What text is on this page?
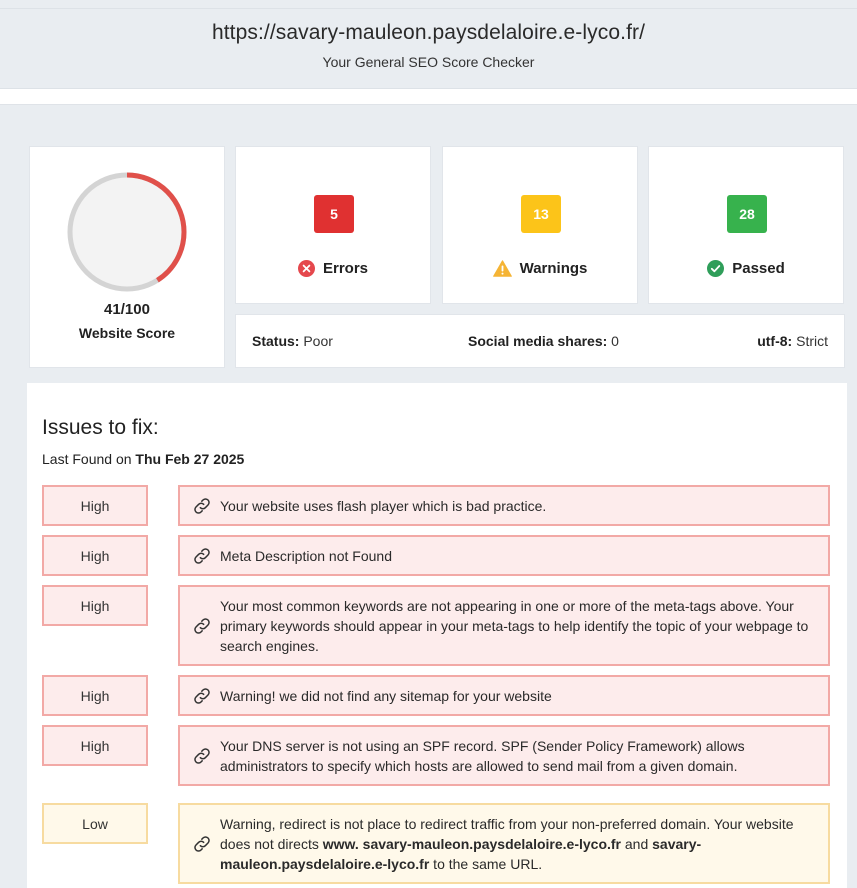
https://savary-mauleon.paysdelaloire.e-lyco.fr/
Your General SEO Score Checker
41/100
Website Score
5
Errors
13
Warnings
28
Passed
Status: Poor	Social media shares: 0	utf-8: Strict
Issues to fix:
Last Found on Thu Feb 27 2025
High	Your website uses flash player which is bad practice.
High	Meta Description not Found
High	Your most common keywords are not appearing in one or more of the meta-tags above. Your primary keywords should appear in your meta-tags to help identify the topic of your webpage to search engines.
High	Warning! we did not find any sitemap for your website
High	Your DNS server is not using an SPF record. SPF (Sender Policy Framework) allows administrators to specify which hosts are allowed to send mail from a given domain.
Low	Warning, redirect is not place to redirect traffic from your non-preferred domain. Your website does not directs www. savary-mauleon.paysdelaloire.e-lyco.fr and savary-mauleon.paysdelaloire.e-lyco.fr to the same URL.
